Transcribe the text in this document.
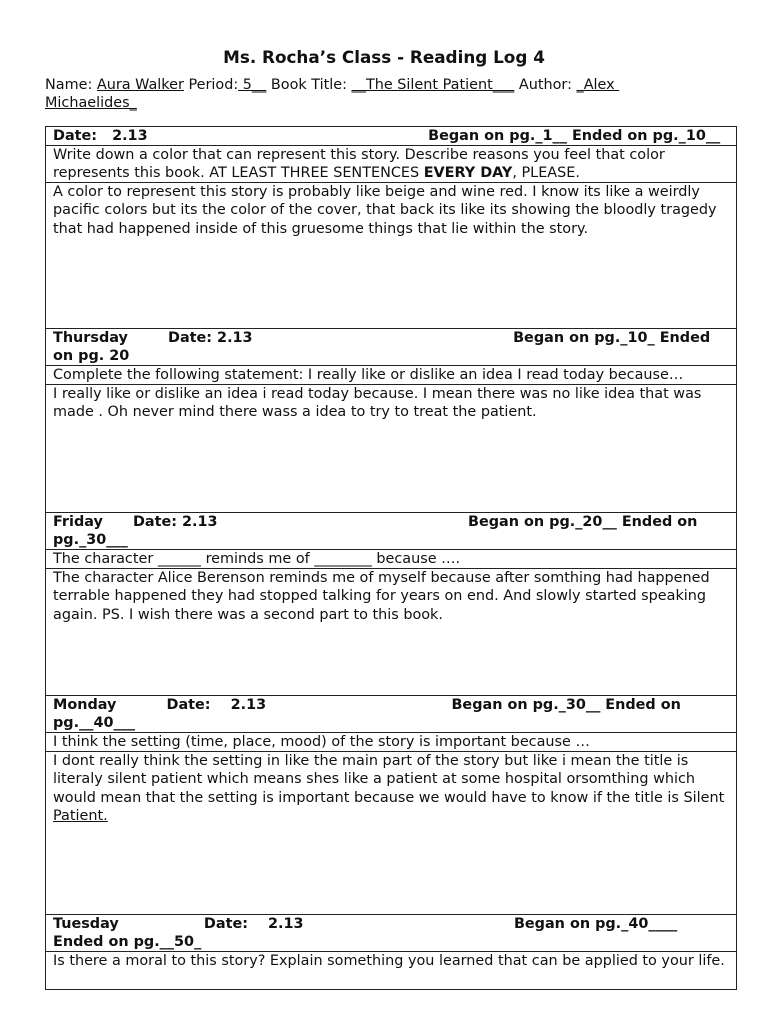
Ms. Rocha’s Class - Reading Log 4
Name: Aura Walker Period: 5__ Book Title: __The Silent Patient___ Author: _Alex
Michaelides_
Date:   2.13                                                        Began on pg._1__ Ended on pg._10__
Write down a color that can represent this story. Describe reasons you feel that color represents this book. AT LEAST THREE SENTENCES EVERY DAY, PLEASE.
A color to represent this story is probably like beige and wine red. I know its like a weirdly
pacific colors but its the color of the cover, that back its like its showing the bloodly tragedy that had happened inside of this gruesome things that lie within the story.
Thursday        Date: 2.13                                                    Began on pg._10_ Ended on pg. 20
Complete the following statement: I really like or dislike an idea I read today because…
I really like or dislike an idea i read today because. I mean there was no like idea that was made . Oh never mind there wass a idea to try to treat the patient.
Friday      Date: 2.13                                                  Began on pg._20__ Ended on pg._30___
The character ______ reminds me of ________ because ….
The character Alice Berenson reminds me of myself because after somthing had happened terrable happened they had stopped talking for years on end. And slowly started speaking again. PS. I wish there was a second part to this book.
Monday          Date:    2.13                                     Began on pg._30__ Ended on pg.__40___
I think the setting (time, place, mood) of the story is important because …
I dont really think the setting in like the main part of the story but like i mean the title is literaly silent patient which means shes like a patient at some hospital orsomthing which would mean that the setting is important because we would have to know if the title is Silent Patient.
Tuesday                 Date:    2.13                                          Began on pg._40____ Ended on pg.__50_
Is there a moral to this story? Explain something you learned that can be applied to your life.
